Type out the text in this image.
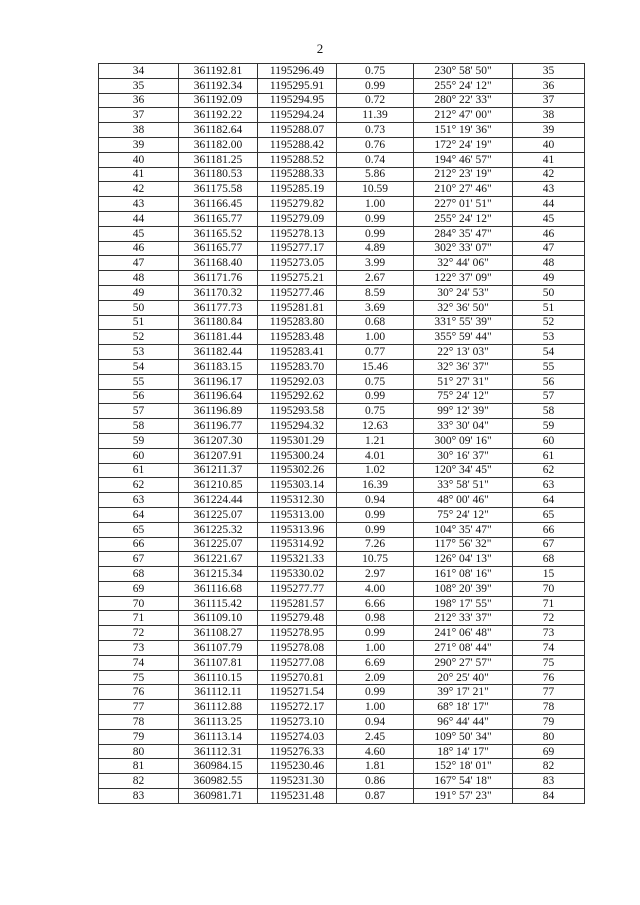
2
34	361192.81	1195296.49	0.75	230° 58' 50"	35
35	361192.34	1195295.91	0.99	255° 24' 12"	36
36	361192.09	1195294.95	0.72	280° 22' 33"	37
37	361192.22	1195294.24	11.39	212° 47' 00"	38
38	361182.64	1195288.07	0.73	151° 19' 36"	39
39	361182.00	1195288.42	0.76	172° 24' 19"	40
40	361181.25	1195288.52	0.74	194° 46' 57"	41
41	361180.53	1195288.33	5.86	212° 23' 19"	42
42	361175.58	1195285.19	10.59	210° 27' 46"	43
43	361166.45	1195279.82	1.00	227° 01' 51"	44
44	361165.77	1195279.09	0.99	255° 24' 12"	45
45	361165.52	1195278.13	0.99	284° 35' 47"	46
46	361165.77	1195277.17	4.89	302° 33' 07"	47
47	361168.40	1195273.05	3.99	32° 44' 06"	48
48	361171.76	1195275.21	2.67	122° 37' 09"	49
49	361170.32	1195277.46	8.59	30° 24' 53"	50
50	361177.73	1195281.81	3.69	32° 36' 50"	51
51	361180.84	1195283.80	0.68	331° 55' 39"	52
52	361181.44	1195283.48	1.00	355° 59' 44"	53
53	361182.44	1195283.41	0.77	22° 13' 03"	54
54	361183.15	1195283.70	15.46	32° 36' 37"	55
55	361196.17	1195292.03	0.75	51° 27' 31"	56
56	361196.64	1195292.62	0.99	75° 24' 12"	57
57	361196.89	1195293.58	0.75	99° 12' 39"	58
58	361196.77	1195294.32	12.63	33° 30' 04"	59
59	361207.30	1195301.29	1.21	300° 09' 16"	60
60	361207.91	1195300.24	4.01	30° 16' 37"	61
61	361211.37	1195302.26	1.02	120° 34' 45"	62
62	361210.85	1195303.14	16.39	33° 58' 51"	63
63	361224.44	1195312.30	0.94	48° 00' 46"	64
64	361225.07	1195313.00	0.99	75° 24' 12"	65
65	361225.32	1195313.96	0.99	104° 35' 47"	66
66	361225.07	1195314.92	7.26	117° 56' 32"	67
67	361221.67	1195321.33	10.75	126° 04' 13"	68
68	361215.34	1195330.02	2.97	161° 08' 16"	15
69	361116.68	1195277.77	4.00	108° 20' 39"	70
70	361115.42	1195281.57	6.66	198° 17' 55"	71
71	361109.10	1195279.48	0.98	212° 33' 37"	72
72	361108.27	1195278.95	0.99	241° 06' 48"	73
73	361107.79	1195278.08	1.00	271° 08' 44"	74
74	361107.81	1195277.08	6.69	290° 27' 57"	75
75	361110.15	1195270.81	2.09	20° 25' 40"	76
76	361112.11	1195271.54	0.99	39° 17' 21"	77
77	361112.88	1195272.17	1.00	68° 18' 17"	78
78	361113.25	1195273.10	0.94	96° 44' 44"	79
79	361113.14	1195274.03	2.45	109° 50' 34"	80
80	361112.31	1195276.33	4.60	18° 14' 17"	69
81	360984.15	1195230.46	1.81	152° 18' 01"	82
82	360982.55	1195231.30	0.86	167° 54' 18"	83
83	360981.71	1195231.48	0.87	191° 57' 23"	84
